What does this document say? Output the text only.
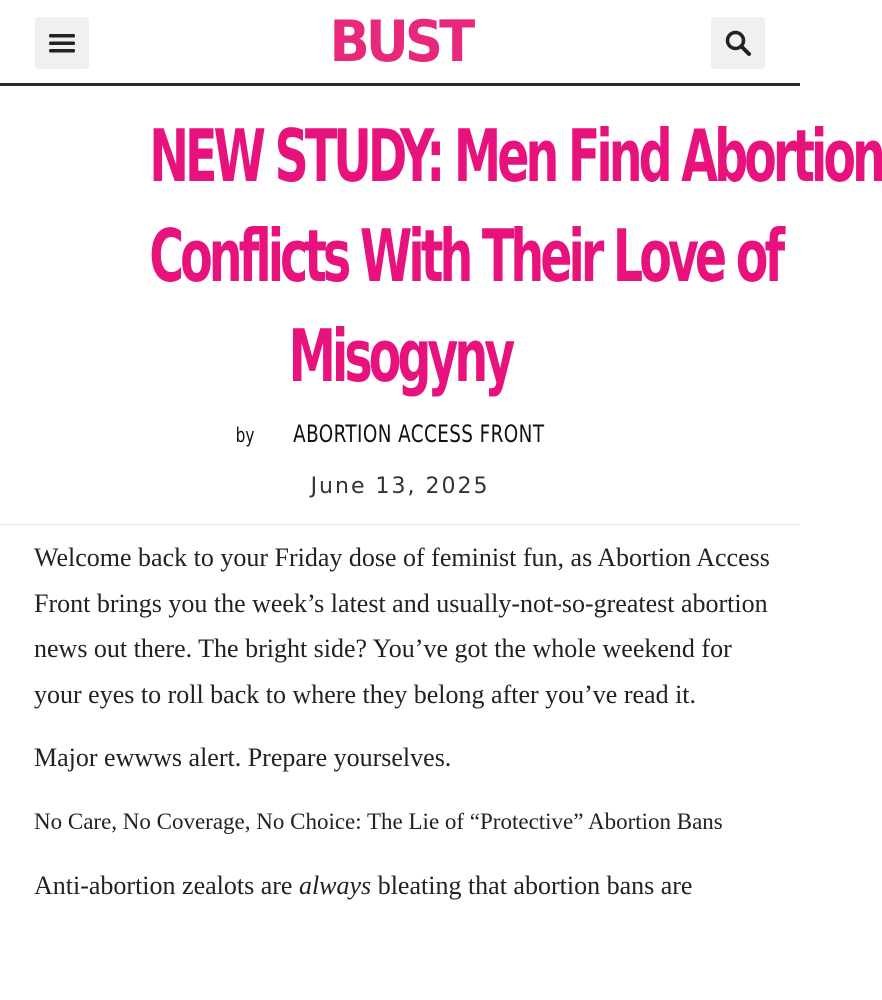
BUST
NEW STUDY: Men Find Abortion
Conflicts With Their Love of
Misogyny
by ABORTION ACCESS FRONT
June 13, 2025

Welcome back to your Friday dose of feminist fun, as Abortion Access Front brings you the week’s latest and usually-not-so-greatest abortion news out there. The bright side? You’ve got the whole weekend for your eyes to roll back to where they belong after you’ve read it.

Major ewwws alert. Prepare yourselves.

No Care, No Coverage, No Choice: The Lie of “Protective” Abortion Bans

Anti-abortion zealots are always bleating that abortion bans are
